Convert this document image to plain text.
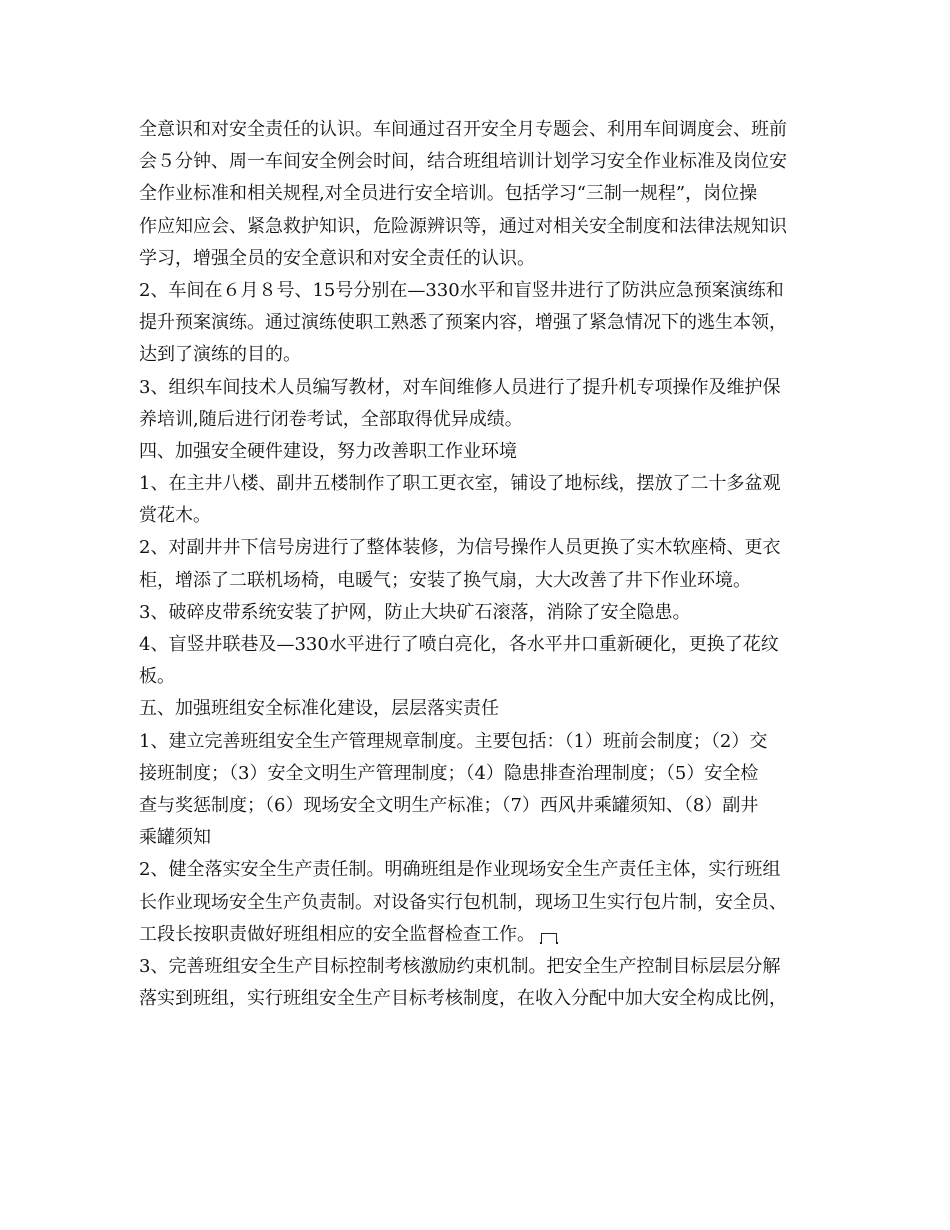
全意识和对安全责任的认识。车间通过召开安全月专题会、利用车间调度会、班前
会５分钟、周一车间安全例会时间，结合班组培训计划学习安全作业标准及岗位安
全作业标准和相关规程,对全员进行安全培训。包括学习“三制一规程”，岗位操
作应知应会、紧急救护知识，危险源辨识等，通过对相关安全制度和法律法规知识
学习，增强全员的安全意识和对安全责任的认识。
2、车间在６月８号、15号分别在—330水平和盲竖井进行了防洪应急预案演练和
提升预案演练。通过演练使职工熟悉了预案内容，增强了紧急情况下的逃生本领，
达到了演练的目的。
3、组织车间技术人员编写教材，对车间维修人员进行了提升机专项操作及维护保
养培训,随后进行闭卷考试，全部取得优异成绩。
四、加强安全硬件建设，努力改善职工作业环境
1、在主井八楼、副井五楼制作了职工更衣室，铺设了地标线，摆放了二十多盆观
赏花木。
2、对副井井下信号房进行了整体装修，为信号操作人员更换了实木软座椅、更衣
柜，增添了二联机场椅，电暖气；安装了换气扇，大大改善了井下作业环境。
3、破碎皮带系统安装了护网，防止大块矿石滚落，消除了安全隐患。
4、盲竖井联巷及—330水平进行了喷白亮化，各水平井口重新硬化，更换了花纹
板。
五、加强班组安全标准化建设，层层落实责任
1、建立完善班组安全生产管理规章制度。主要包括：（1）班前会制度；（2）交
接班制度；（3）安全文明生产管理制度；（4）隐患排查治理制度；（5）安全检
查与奖惩制度；（6）现场安全文明生产标准；（7）西风井乘罐须知、（8）副井
乘罐须知
2、健全落实安全生产责任制。明确班组是作业现场安全生产责任主体，实行班组
长作业现场安全生产负责制。对设备实行包机制，现场卫生实行包片制，安全员、
工段长按职责做好班组相应的安全监督检查工作。
3、完善班组安全生产目标控制考核激励约束机制。把安全生产控制目标层层分解
落实到班组，实行班组安全生产目标考核制度，在收入分配中加大安全构成比例，
